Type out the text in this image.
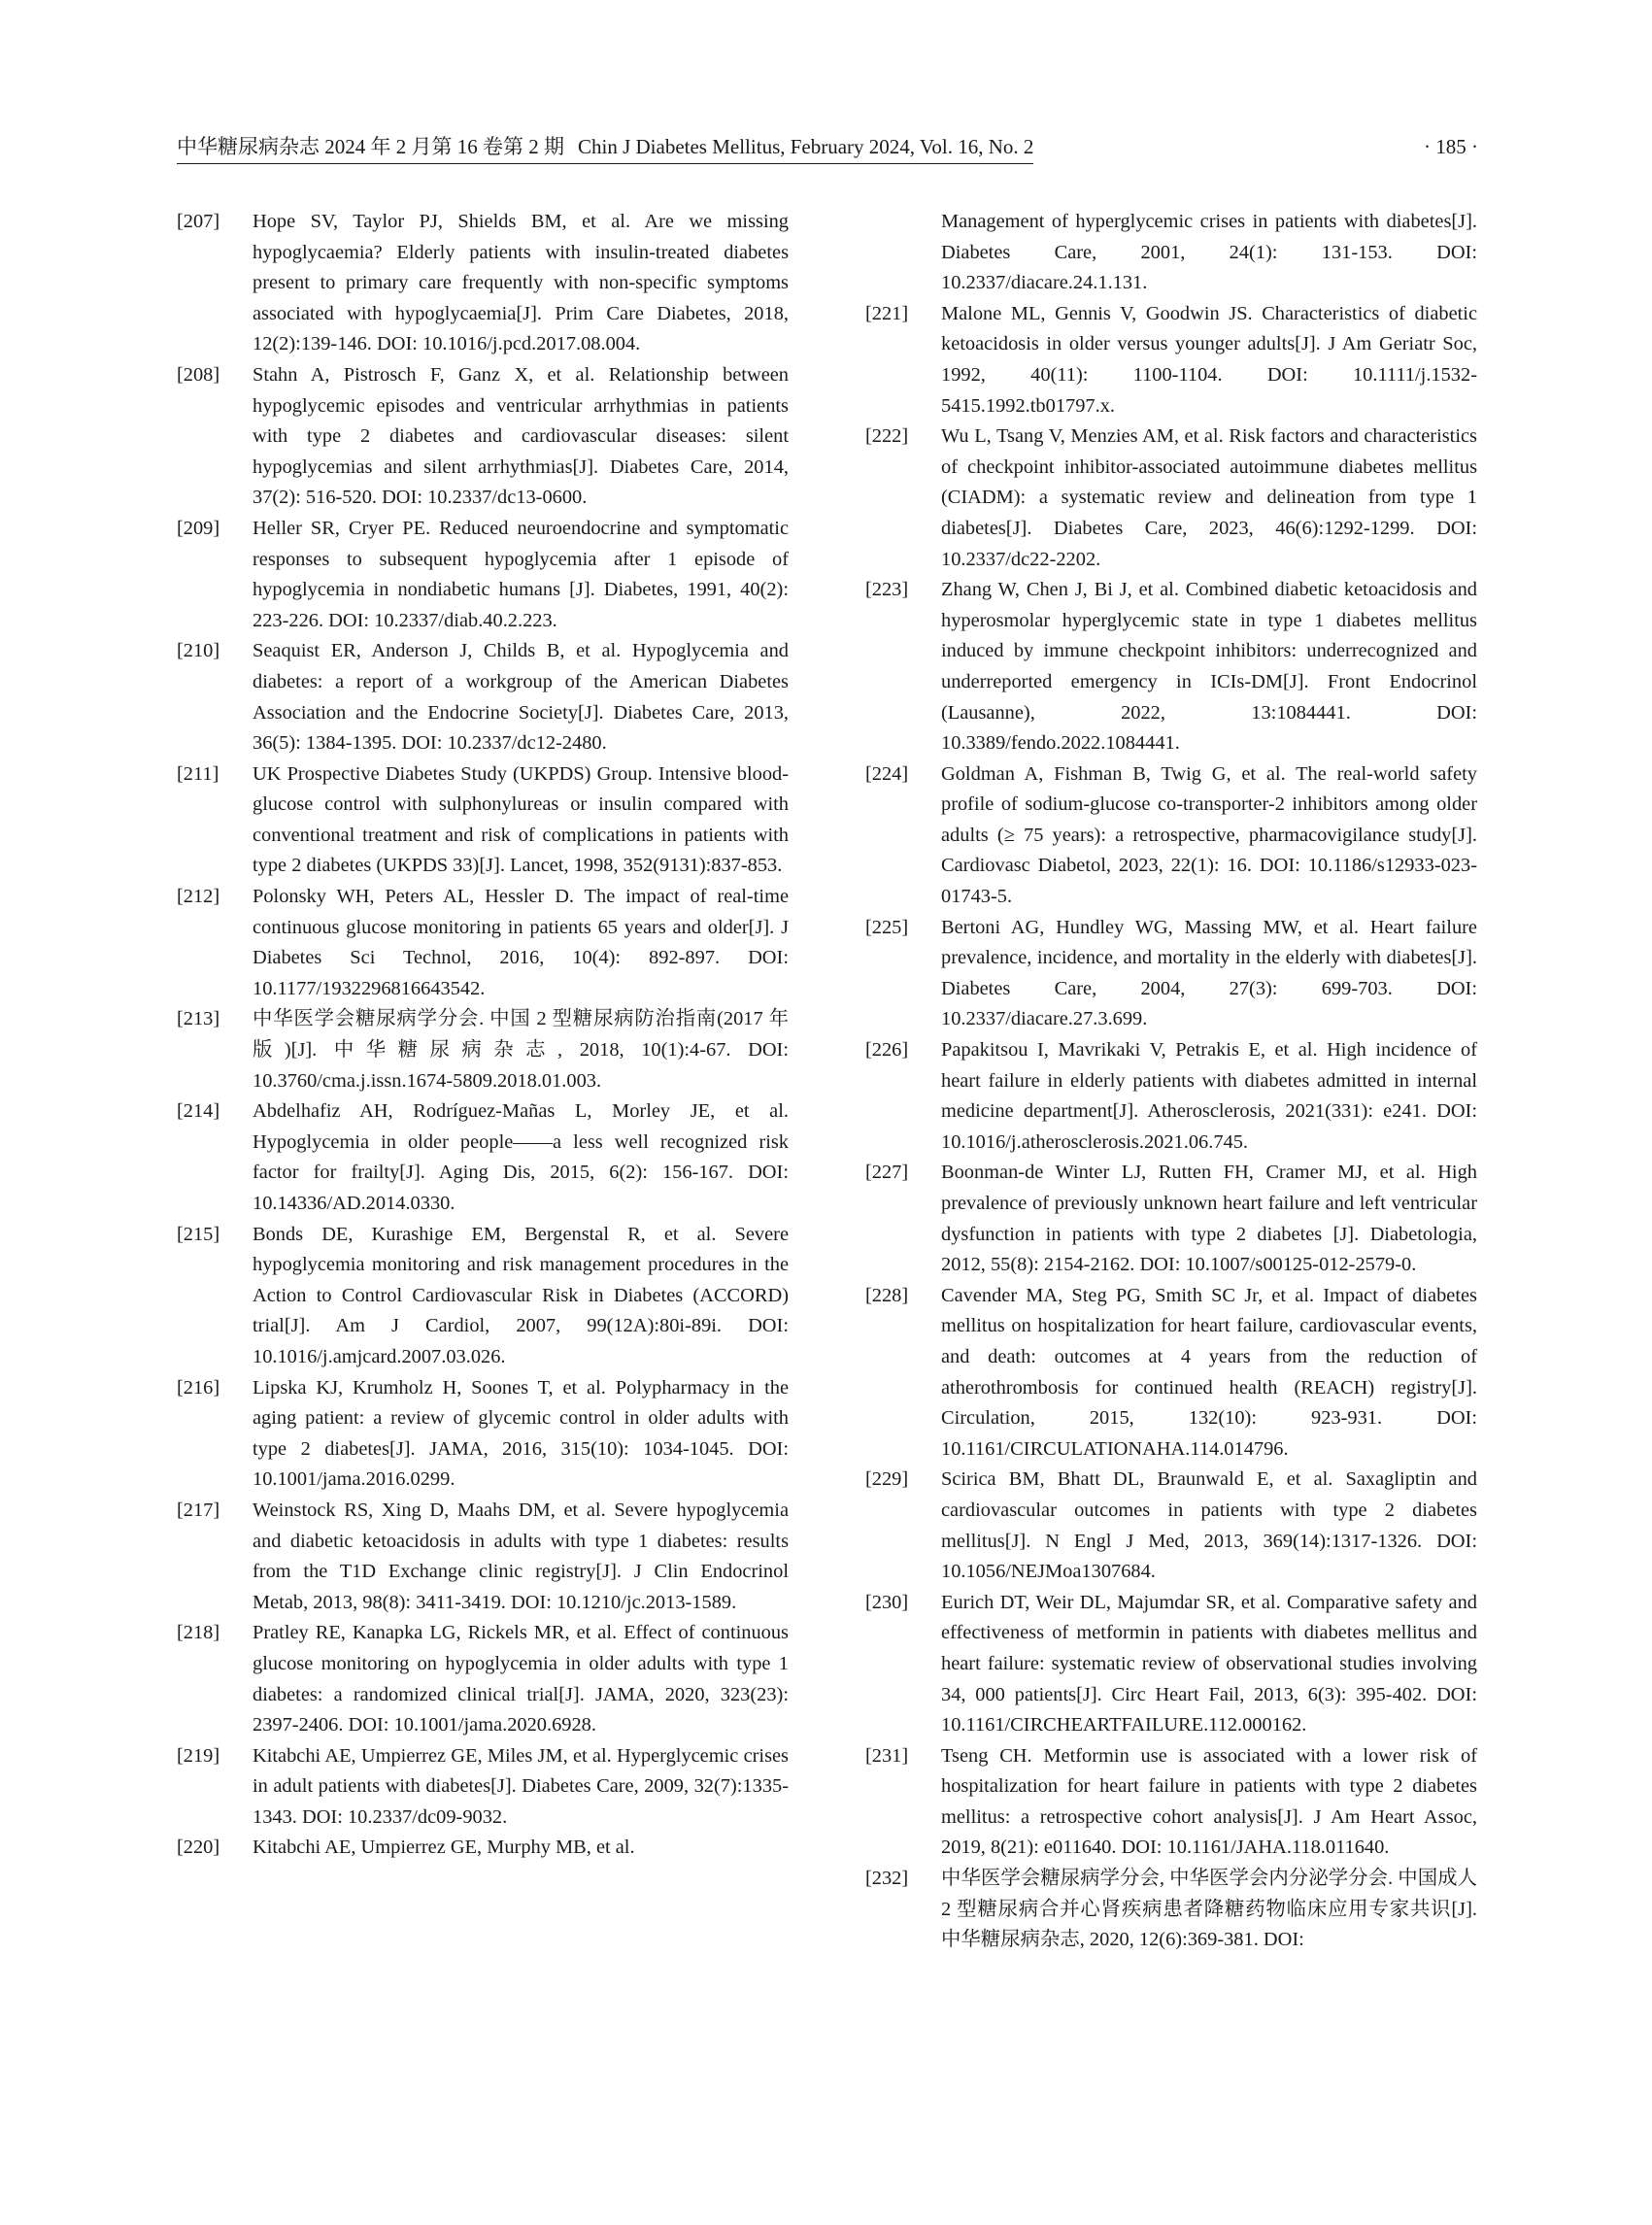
中华糖尿病杂志 2024 年 2 月第 16 卷第 2 期 Chin J Diabetes Mellitus, February 2024, Vol. 16, No. 2	· 185 ·
[207]	Hope SV, Taylor PJ, Shields BM, et al. Are we missing hypoglycaemia? Elderly patients with insulin-treated diabetes present to primary care frequently with non-specific symptoms associated with hypoglycaemia[J]. Prim Care Diabetes, 2018, 12(2):139-146. DOI: 10.1016/j.pcd.2017.08.004.
[208]	Stahn A, Pistrosch F, Ganz X, et al. Relationship between hypoglycemic episodes and ventricular arrhythmias in patients with type 2 diabetes and cardiovascular diseases: silent hypoglycemias and silent arrhythmias[J]. Diabetes Care, 2014, 37(2): 516-520. DOI: 10.2337/dc13-0600.
[209]	Heller SR, Cryer PE. Reduced neuroendocrine and symptomatic responses to subsequent hypoglycemia after 1 episode of hypoglycemia in nondiabetic humans [J]. Diabetes, 1991, 40(2): 223-226. DOI: 10.2337/diab.40.2.223.
[210]	Seaquist ER, Anderson J, Childs B, et al. Hypoglycemia and diabetes: a report of a workgroup of the American Diabetes Association and the Endocrine Society[J]. Diabetes Care, 2013, 36(5): 1384-1395. DOI: 10.2337/dc12-2480.
[211]	UK Prospective Diabetes Study (UKPDS) Group. Intensive blood-glucose control with sulphonylureas or insulin compared with conventional treatment and risk of complications in patients with type 2 diabetes (UKPDS 33)[J]. Lancet, 1998, 352(9131):837-853.
[212]	Polonsky WH, Peters AL, Hessler D. The impact of real-time continuous glucose monitoring in patients 65 years and older[J]. J Diabetes Sci Technol, 2016, 10(4): 892-897. DOI: 10.1177/1932296816643542.
[213]	中华医学会糖尿病学分会. 中国 2 型糖尿病防治指南(2017 年版)[J]. 中华糖尿病杂志, 2018, 10(1):4-67. DOI: 10.3760/cma.j.issn.1674-5809.2018.01.003.
[214]	Abdelhafiz AH, Rodríguez-Mañas L, Morley JE, et al. Hypoglycemia in older people——a less well recognized risk factor for frailty[J]. Aging Dis, 2015, 6(2): 156-167. DOI: 10.14336/AD.2014.0330.
[215]	Bonds DE, Kurashige EM, Bergenstal R, et al. Severe hypoglycemia monitoring and risk management procedures in the Action to Control Cardiovascular Risk in Diabetes (ACCORD) trial[J]. Am J Cardiol, 2007, 99(12A):80i-89i. DOI: 10.1016/j.amjcard.2007.03.026.
[216]	Lipska KJ, Krumholz H, Soones T, et al. Polypharmacy in the aging patient: a review of glycemic control in older adults with type 2 diabetes[J]. JAMA, 2016, 315(10): 1034-1045. DOI: 10.1001/jama.2016.0299.
[217]	Weinstock RS, Xing D, Maahs DM, et al. Severe hypoglycemia and diabetic ketoacidosis in adults with type 1 diabetes: results from the T1D Exchange clinic registry[J]. J Clin Endocrinol Metab, 2013, 98(8): 3411-3419. DOI: 10.1210/jc.2013-1589.
[218]	Pratley RE, Kanapka LG, Rickels MR, et al. Effect of continuous glucose monitoring on hypoglycemia in older adults with type 1 diabetes: a randomized clinical trial[J]. JAMA, 2020, 323(23): 2397-2406. DOI: 10.1001/jama.2020.6928.
[219]	Kitabchi AE, Umpierrez GE, Miles JM, et al. Hyperglycemic crises in adult patients with diabetes[J]. Diabetes Care, 2009, 32(7):1335-1343. DOI: 10.2337/dc09-9032.
[220]	Kitabchi AE, Umpierrez GE, Murphy MB, et al.
Management of hyperglycemic crises in patients with diabetes[J]. Diabetes Care, 2001, 24(1): 131-153. DOI: 10.2337/diacare.24.1.131.
[221]	Malone ML, Gennis V, Goodwin JS. Characteristics of diabetic ketoacidosis in older versus younger adults[J]. J Am Geriatr Soc, 1992, 40(11): 1100-1104. DOI: 10.1111/j.1532-5415.1992.tb01797.x.
[222]	Wu L, Tsang V, Menzies AM, et al. Risk factors and characteristics of checkpoint inhibitor-associated autoimmune diabetes mellitus (CIADM): a systematic review and delineation from type 1 diabetes[J]. Diabetes Care, 2023, 46(6):1292-1299. DOI: 10.2337/dc22-2202.
[223]	Zhang W, Chen J, Bi J, et al. Combined diabetic ketoacidosis and hyperosmolar hyperglycemic state in type 1 diabetes mellitus induced by immune checkpoint inhibitors: underrecognized and underreported emergency in ICIs-DM[J]. Front Endocrinol (Lausanne), 2022, 13:1084441. DOI: 10.3389/fendo.2022.1084441.
[224]	Goldman A, Fishman B, Twig G, et al. The real-world safety profile of sodium-glucose co-transporter-2 inhibitors among older adults (≥ 75 years): a retrospective, pharmacovigilance study[J]. Cardiovasc Diabetol, 2023, 22(1): 16. DOI: 10.1186/s12933-023-01743-5.
[225]	Bertoni AG, Hundley WG, Massing MW, et al. Heart failure prevalence, incidence, and mortality in the elderly with diabetes[J]. Diabetes Care, 2004, 27(3): 699-703. DOI: 10.2337/diacare.27.3.699.
[226]	Papakitsou I, Mavrikaki V, Petrakis E, et al. High incidence of heart failure in elderly patients with diabetes admitted in internal medicine department[J]. Atherosclerosis, 2021(331): e241. DOI: 10.1016/j.atherosclerosis.2021.06.745.
[227]	Boonman-de Winter LJ, Rutten FH, Cramer MJ, et al. High prevalence of previously unknown heart failure and left ventricular dysfunction in patients with type 2 diabetes [J]. Diabetologia, 2012, 55(8): 2154-2162. DOI: 10.1007/s00125-012-2579-0.
[228]	Cavender MA, Steg PG, Smith SC Jr, et al. Impact of diabetes mellitus on hospitalization for heart failure, cardiovascular events, and death: outcomes at 4 years from the reduction of atherothrombosis for continued health (REACH) registry[J]. Circulation, 2015, 132(10): 923-931. DOI: 10.1161/CIRCULATIONAHA.114.014796.
[229]	Scirica BM, Bhatt DL, Braunwald E, et al. Saxagliptin and cardiovascular outcomes in patients with type 2 diabetes mellitus[J]. N Engl J Med, 2013, 369(14):1317-1326. DOI: 10.1056/NEJMoa1307684.
[230]	Eurich DT, Weir DL, Majumdar SR, et al. Comparative safety and effectiveness of metformin in patients with diabetes mellitus and heart failure: systematic review of observational studies involving 34, 000 patients[J]. Circ Heart Fail, 2013, 6(3): 395-402. DOI: 10.1161/CIRCHEARTFAILURE.112.000162.
[231]	Tseng CH. Metformin use is associated with a lower risk of hospitalization for heart failure in patients with type 2 diabetes mellitus: a retrospective cohort analysis[J]. J Am Heart Assoc, 2019, 8(21): e011640. DOI: 10.1161/JAHA.118.011640.
[232]	中华医学会糖尿病学分会, 中华医学会内分泌学分会. 中国成人 2 型糖尿病合并心肾疾病患者降糖药物临床应用专家共识[J]. 中华糖尿病杂志, 2020, 12(6):369-381. DOI:
